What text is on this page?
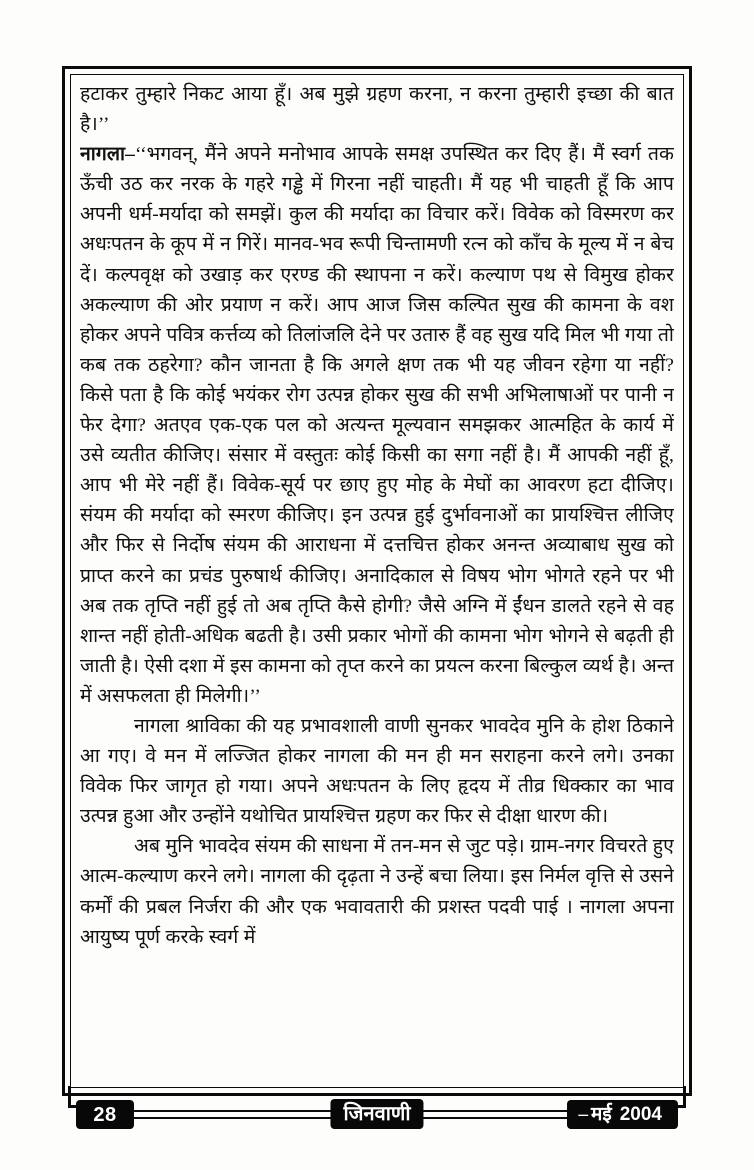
हटाकर तुम्हारे निकट आया हूँ। अब मुझे ग्रहण करना, न करना तुम्हारी इच्छा की बात है।’’

नागला–‘‘भगवन्, मैंने अपने मनोभाव आपके समक्ष उपस्थित कर दिए हैं। मैं स्वर्ग तक ऊँची उठ कर नरक के गहरे गड्ढे में गिरना नहीं चाहती। मैं यह भी चाहती हूँ कि आप अपनी धर्म-मर्यादा को समझें। कुल की मर्यादा का विचार करें। विवेक को विस्मरण कर अधःपतन के कूप में न गिरें। मानव-भव रूपी चिन्तामणी रत्न को काँच के मूल्य में न बेच दें। कल्पवृक्ष को उखाड़ कर एरण्ड की स्थापना न करें। कल्याण पथ से विमुख होकर अकल्याण की ओर प्रयाण न करें। आप आज जिस कल्पित सुख की कामना के वश होकर अपने पवित्र कर्त्तव्य को तिलांजलि देने पर उतारु हैं वह सुख यदि मिल भी गया तो कब तक ठहरेगा? कौन जानता है कि अगले क्षण तक भी यह जीवन रहेगा या नहीं? किसे पता है कि कोई भयंकर रोग उत्पन्न होकर सुख की सभी अभिलाषाओं पर पानी न फेर देगा? अतएव एक-एक पल को अत्यन्त मूल्यवान समझकर आत्महित के कार्य में उसे व्यतीत कीजिए। संसार में वस्तुतः कोई किसी का सगा नहीं है। मैं आपकी नहीं हूँ, आप भी मेरे नहीं हैं। विवेक-सूर्य पर छाए हुए मोह के मेघों का आवरण हटा दीजिए। संयम की मर्यादा को स्मरण कीजिए। इन उत्पन्न हुई दुर्भावनाओं का प्रायश्चित्त लीजिए और फिर से निर्दोष संयम की आराधना में दत्तचित्त होकर अनन्त अव्याबाध सुख को प्राप्त करने का प्रचंड पुरुषार्थ कीजिए। अनादिकाल से विषय भोग भोगते रहने पर भी अब तक तृप्ति नहीं हुई तो अब तृप्ति कैसे होगी? जैसे अग्नि में ईंधन डालते रहने से वह शान्त नहीं होती-अधिक बढती है। उसी प्रकार भोगों की कामना भोग भोगने से बढ़ती ही जाती है। ऐसी दशा में इस कामना को तृप्त करने का प्रयत्न करना बिल्कुल व्यर्थ है। अन्त में असफलता ही मिलेगी।’’

नागला श्राविका की यह प्रभावशाली वाणी सुनकर भावदेव मुनि के होश ठिकाने आ गए। वे मन में लज्जित होकर नागला की मन ही मन सराहना करने लगे। उनका विवेक फिर जागृत हो गया। अपने अधःपतन के लिए हृदय में तीव्र धिक्कार का भाव उत्पन्न हुआ और उन्होंने यथोचित प्रायश्चित्त ग्रहण कर फिर से दीक्षा धारण की।

अब मुनि भावदेव संयम की साधना में तन-मन से जुट पड़े। ग्राम-नगर विचरते हुए आत्म-कल्याण करने लगे। नागला की दृढ़ता ने उन्हें बचा लिया। इस निर्मल वृत्ति से उसने कर्मों की प्रबल निर्जरा की और एक भवावतारी की प्रशस्त पदवी पाई । नागला अपना आयुष्य पूर्ण करके स्वर्ग में

28	जिनवाणी	– मई 2004
